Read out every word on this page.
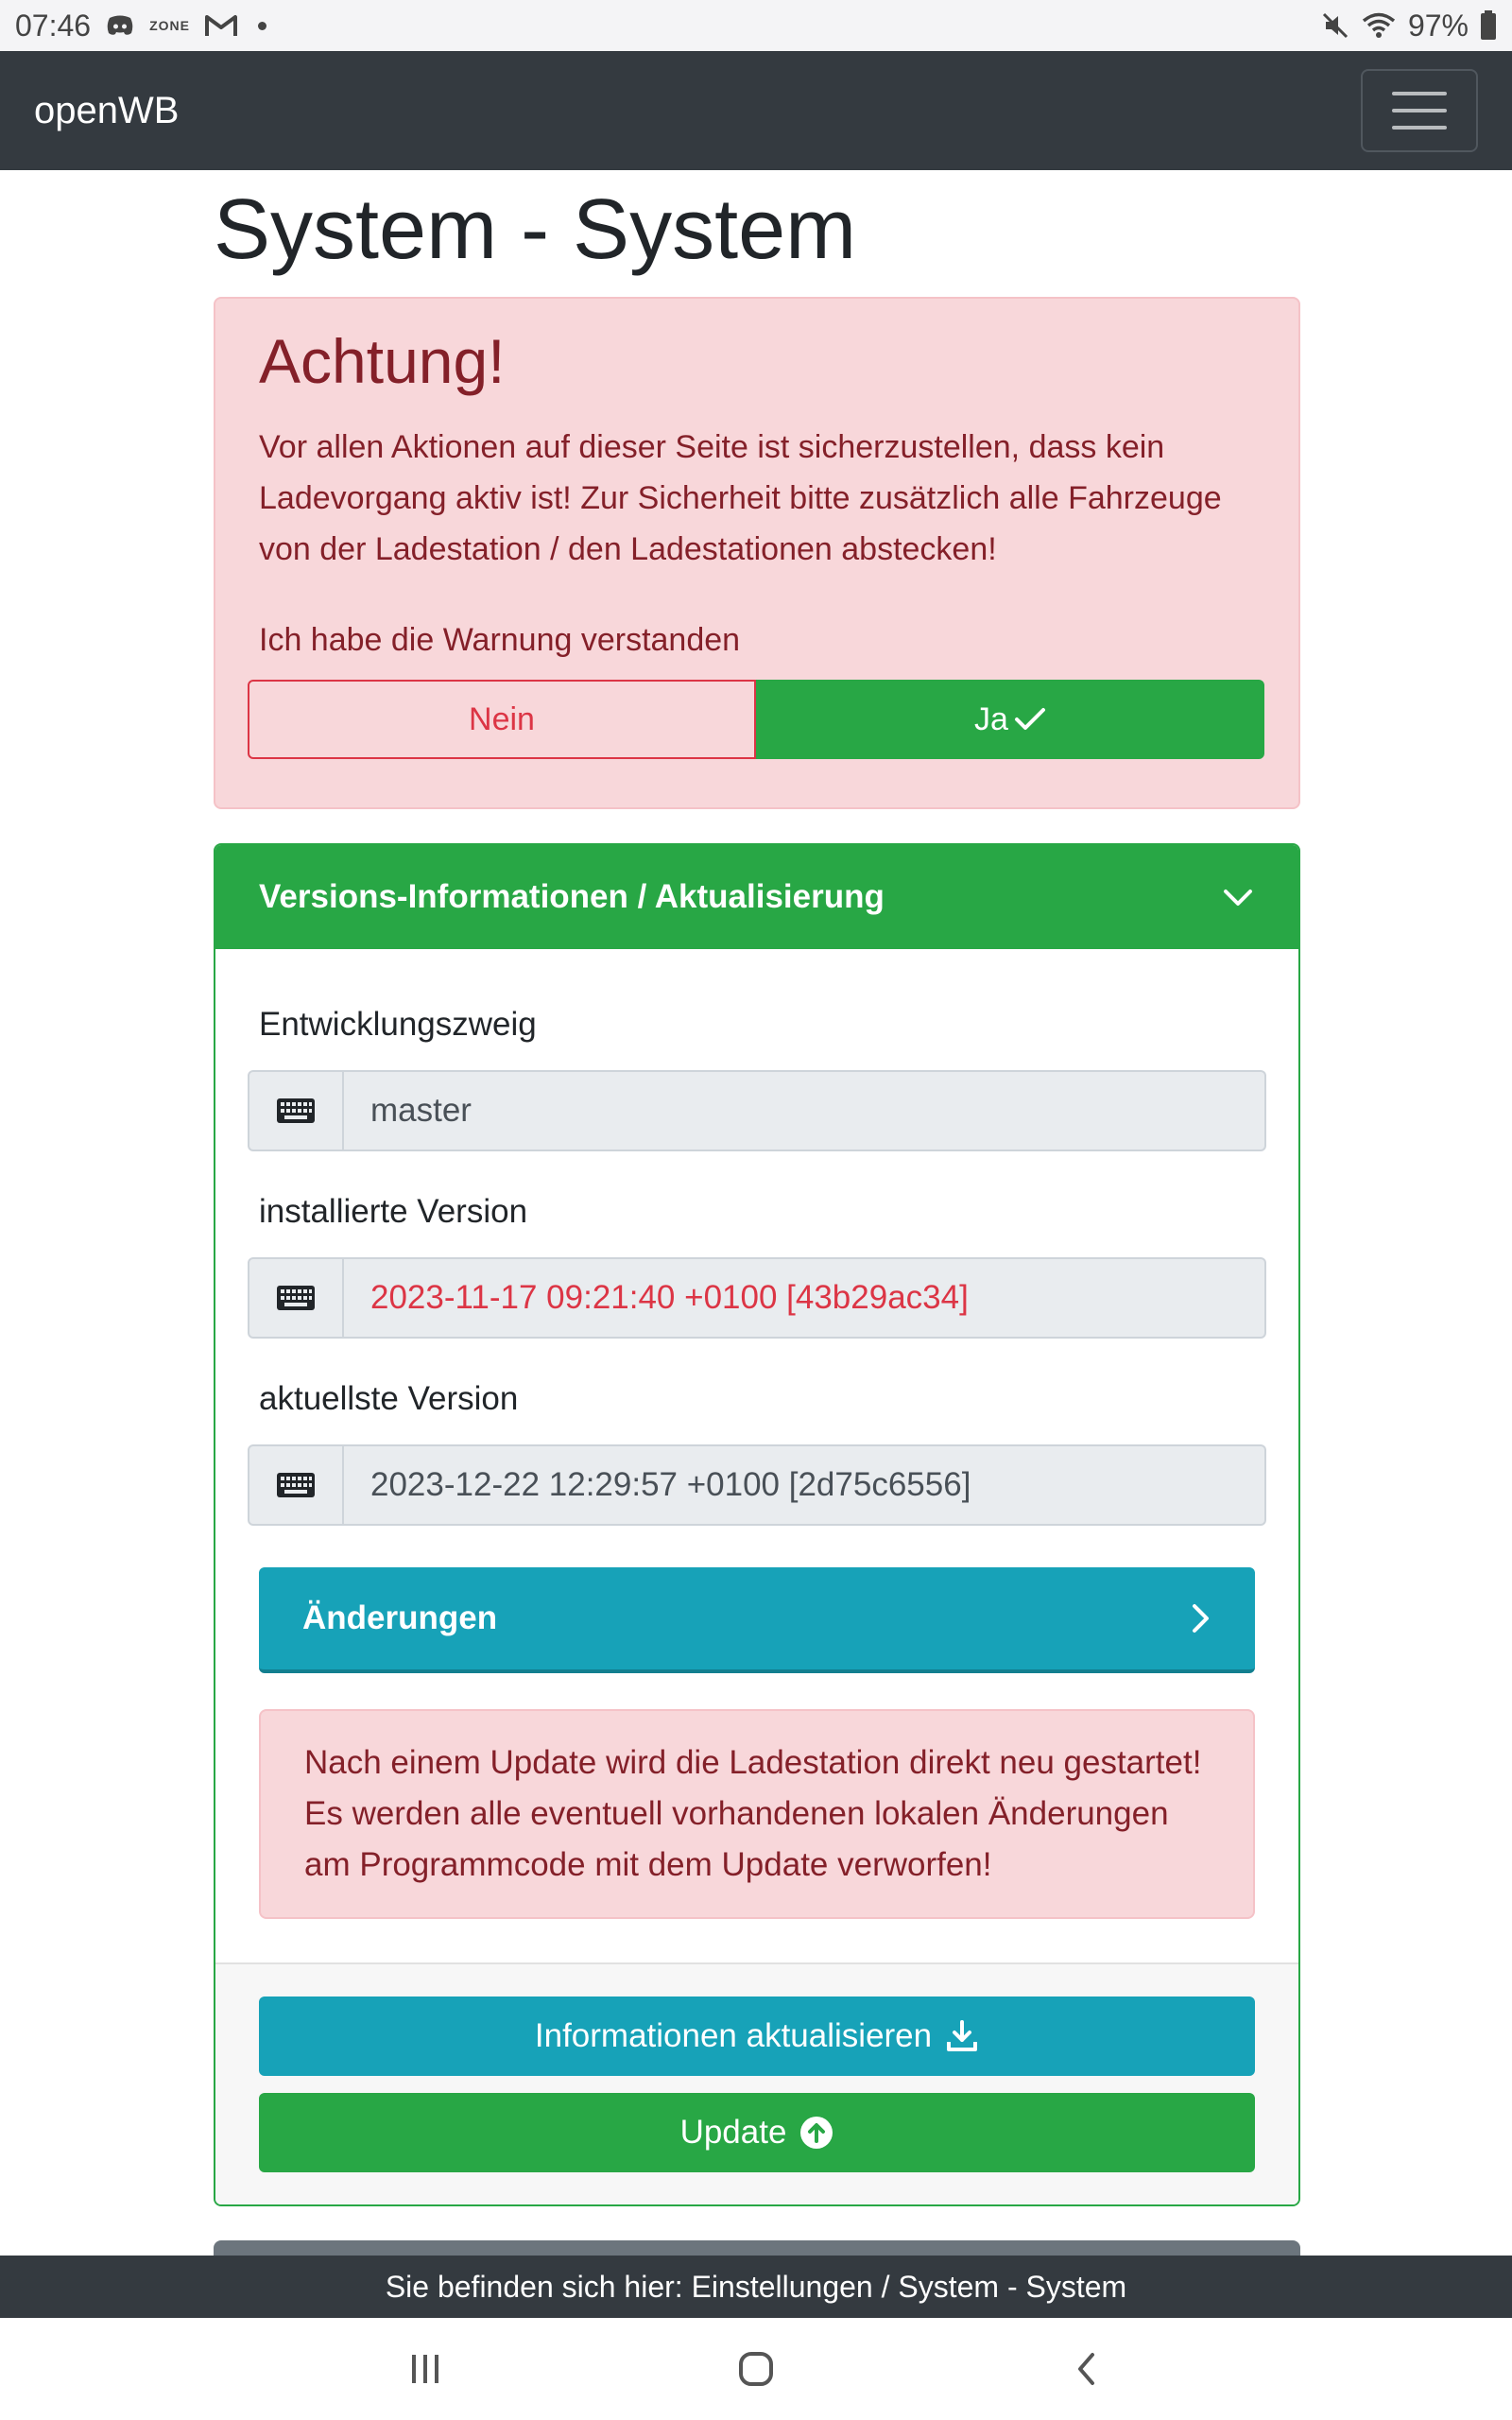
07:46	ZONE	97%
openWB
System - System
Achtung!
Vor allen Aktionen auf dieser Seite ist sicherzustellen, dass kein Ladevorgang aktiv ist! Zur Sicherheit bitte zusätzlich alle Fahrzeuge von der Ladestation / den Ladestationen abstecken!
Ich habe die Warnung verstanden
Nein	Ja
Versions-Informationen / Aktualisierung
Entwicklungszweig
master
installierte Version
2023-11-17 09:21:40 +0100 [43b29ac34]
aktuellste Version
2023-12-22 12:29:57 +0100 [2d75c6556]
Änderungen
Nach einem Update wird die Ladestation direkt neu gestartet! Es werden alle eventuell vorhandenen lokalen Änderungen am Programmcode mit dem Update verworfen!
Informationen aktualisieren
Update
Sie befinden sich hier: Einstellungen / System - System
